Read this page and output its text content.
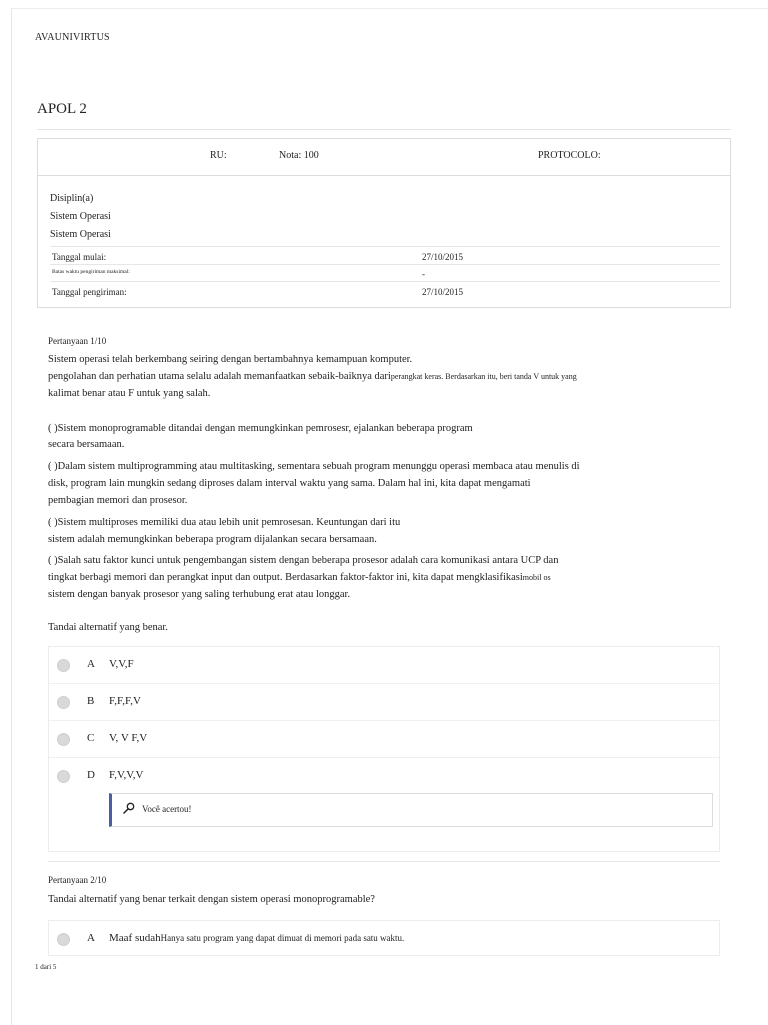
AVAUNIVIRTUS
APOL 2
RU:	Nota: 100	PROTOCOLO:
Disiplin(a)
Sistem Operasi
Sistem Operasi
Tanggal mulai:	27/10/2015
Batas waktu pengiriman maksimal:	-
Tanggal pengiriman:	27/10/2015
Pertanyaan 1/10
Sistem operasi telah berkembang seiring dengan bertambahnya kemampuan komputer.
pengolahan dan perhatian utama selalu adalah memanfaatkan sebaik-baiknya dariperangkat keras. Berdasarkan itu, beri tanda V untuk yang
kalimat benar atau F untuk yang salah.
( )Sistem monoprogramable ditandai dengan memungkinkan pemrosesr, ejalankan beberapa program
secara bersamaan.
( )Dalam sistem multiprogramming atau multitasking, sementara sebuah program menunggu operasi membaca atau menulis di
disk, program lain mungkin sedang diproses dalam interval waktu yang sama. Dalam hal ini, kita dapat mengamati
pembagian memori dan prosesor.
( )Sistem multiproses memiliki dua atau lebih unit pemrosesan. Keuntungan dari itu
sistem adalah memungkinkan beberapa program dijalankan secara bersamaan.
( )Salah satu faktor kunci untuk pengembangan sistem dengan beberapa prosesor adalah cara komunikasi antara UCP dan
tingkat berbagi memori dan perangkat input dan output. Berdasarkan faktor-faktor ini, kita dapat mengklasifikasimobil os
sistem dengan banyak prosesor yang saling terhubung erat atau longgar.
Tandai alternatif yang benar.
A V,V,F
B F,F,F,V
C V, V F,V
D F,V,V,V
Você acertou!
Pertanyaan 2/10
Tandai alternatif yang benar terkait dengan sistem operasi monoprogramable?
A Maaf sudahHanya satu program yang dapat dimuat di memori pada satu waktu.
1 dari 5
